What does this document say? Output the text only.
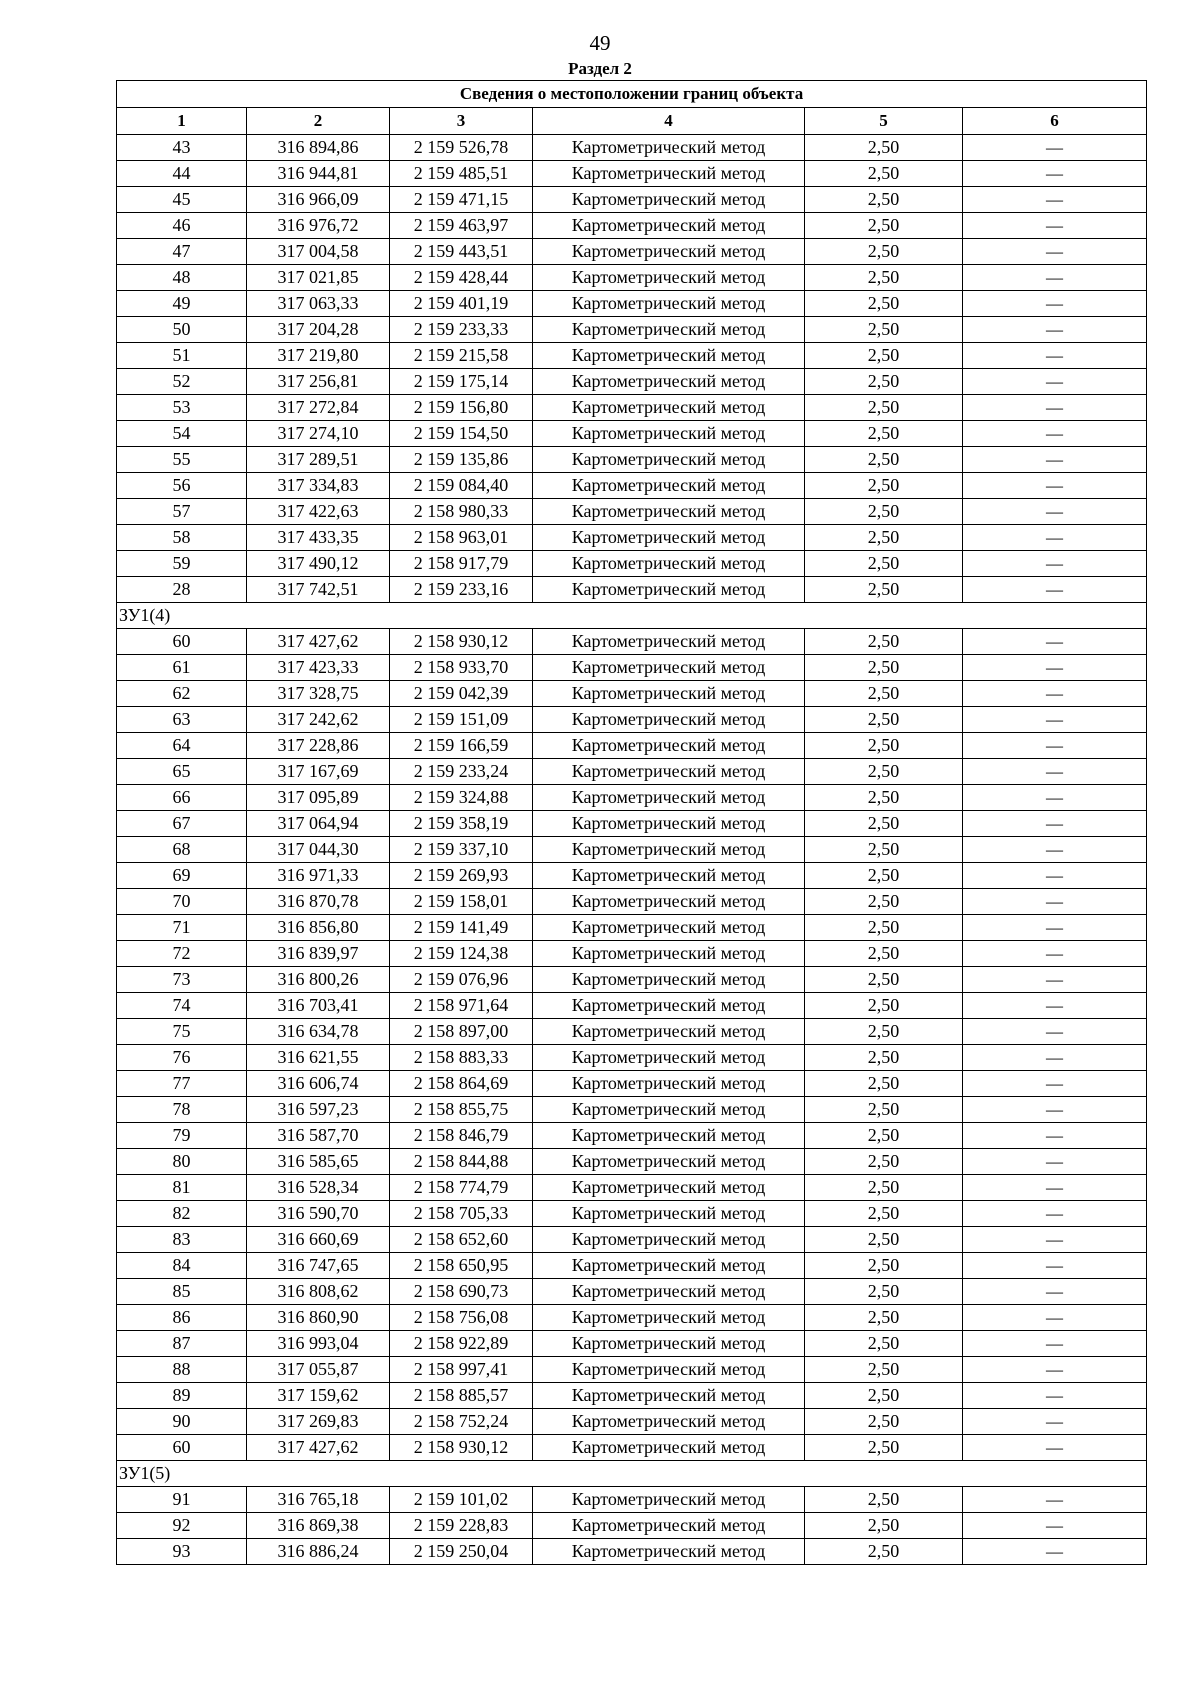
49
Раздел 2
Сведения о местоположении границ объекта					
1	2	3	4	5	6
43	316 894,86	2 159 526,78	Картометрический метод	2,50	—
44	316 944,81	2 159 485,51	Картометрический метод	2,50	—
45	316 966,09	2 159 471,15	Картометрический метод	2,50	—
46	316 976,72	2 159 463,97	Картометрический метод	2,50	—
47	317 004,58	2 159 443,51	Картометрический метод	2,50	—
48	317 021,85	2 159 428,44	Картометрический метод	2,50	—
49	317 063,33	2 159 401,19	Картометрический метод	2,50	—
50	317 204,28	2 159 233,33	Картометрический метод	2,50	—
51	317 219,80	2 159 215,58	Картометрический метод	2,50	—
52	317 256,81	2 159 175,14	Картометрический метод	2,50	—
53	317 272,84	2 159 156,80	Картометрический метод	2,50	—
54	317 274,10	2 159 154,50	Картометрический метод	2,50	—
55	317 289,51	2 159 135,86	Картометрический метод	2,50	—
56	317 334,83	2 159 084,40	Картометрический метод	2,50	—
57	317 422,63	2 158 980,33	Картометрический метод	2,50	—
58	317 433,35	2 158 963,01	Картометрический метод	2,50	—
59	317 490,12	2 158 917,79	Картометрический метод	2,50	—
28	317 742,51	2 159 233,16	Картометрический метод	2,50	—
ЗУ1(4)					
60	317 427,62	2 158 930,12	Картометрический метод	2,50	—
61	317 423,33	2 158 933,70	Картометрический метод	2,50	—
62	317 328,75	2 159 042,39	Картометрический метод	2,50	—
63	317 242,62	2 159 151,09	Картометрический метод	2,50	—
64	317 228,86	2 159 166,59	Картометрический метод	2,50	—
65	317 167,69	2 159 233,24	Картометрический метод	2,50	—
66	317 095,89	2 159 324,88	Картометрический метод	2,50	—
67	317 064,94	2 159 358,19	Картометрический метод	2,50	—
68	317 044,30	2 159 337,10	Картометрический метод	2,50	—
69	316 971,33	2 159 269,93	Картометрический метод	2,50	—
70	316 870,78	2 159 158,01	Картометрический метод	2,50	—
71	316 856,80	2 159 141,49	Картометрический метод	2,50	—
72	316 839,97	2 159 124,38	Картометрический метод	2,50	—
73	316 800,26	2 159 076,96	Картометрический метод	2,50	—
74	316 703,41	2 158 971,64	Картометрический метод	2,50	—
75	316 634,78	2 158 897,00	Картометрический метод	2,50	—
76	316 621,55	2 158 883,33	Картометрический метод	2,50	—
77	316 606,74	2 158 864,69	Картометрический метод	2,50	—
78	316 597,23	2 158 855,75	Картометрический метод	2,50	—
79	316 587,70	2 158 846,79	Картометрический метод	2,50	—
80	316 585,65	2 158 844,88	Картометрический метод	2,50	—
81	316 528,34	2 158 774,79	Картометрический метод	2,50	—
82	316 590,70	2 158 705,33	Картометрический метод	2,50	—
83	316 660,69	2 158 652,60	Картометрический метод	2,50	—
84	316 747,65	2 158 650,95	Картометрический метод	2,50	—
85	316 808,62	2 158 690,73	Картометрический метод	2,50	—
86	316 860,90	2 158 756,08	Картометрический метод	2,50	—
87	316 993,04	2 158 922,89	Картометрический метод	2,50	—
88	317 055,87	2 158 997,41	Картометрический метод	2,50	—
89	317 159,62	2 158 885,57	Картометрический метод	2,50	—
90	317 269,83	2 158 752,24	Картометрический метод	2,50	—
60	317 427,62	2 158 930,12	Картометрический метод	2,50	—
ЗУ1(5)					
91	316 765,18	2 159 101,02	Картометрический метод	2,50	—
92	316 869,38	2 159 228,83	Картометрический метод	2,50	—
93	316 886,24	2 159 250,04	Картометрический метод	2,50	—
